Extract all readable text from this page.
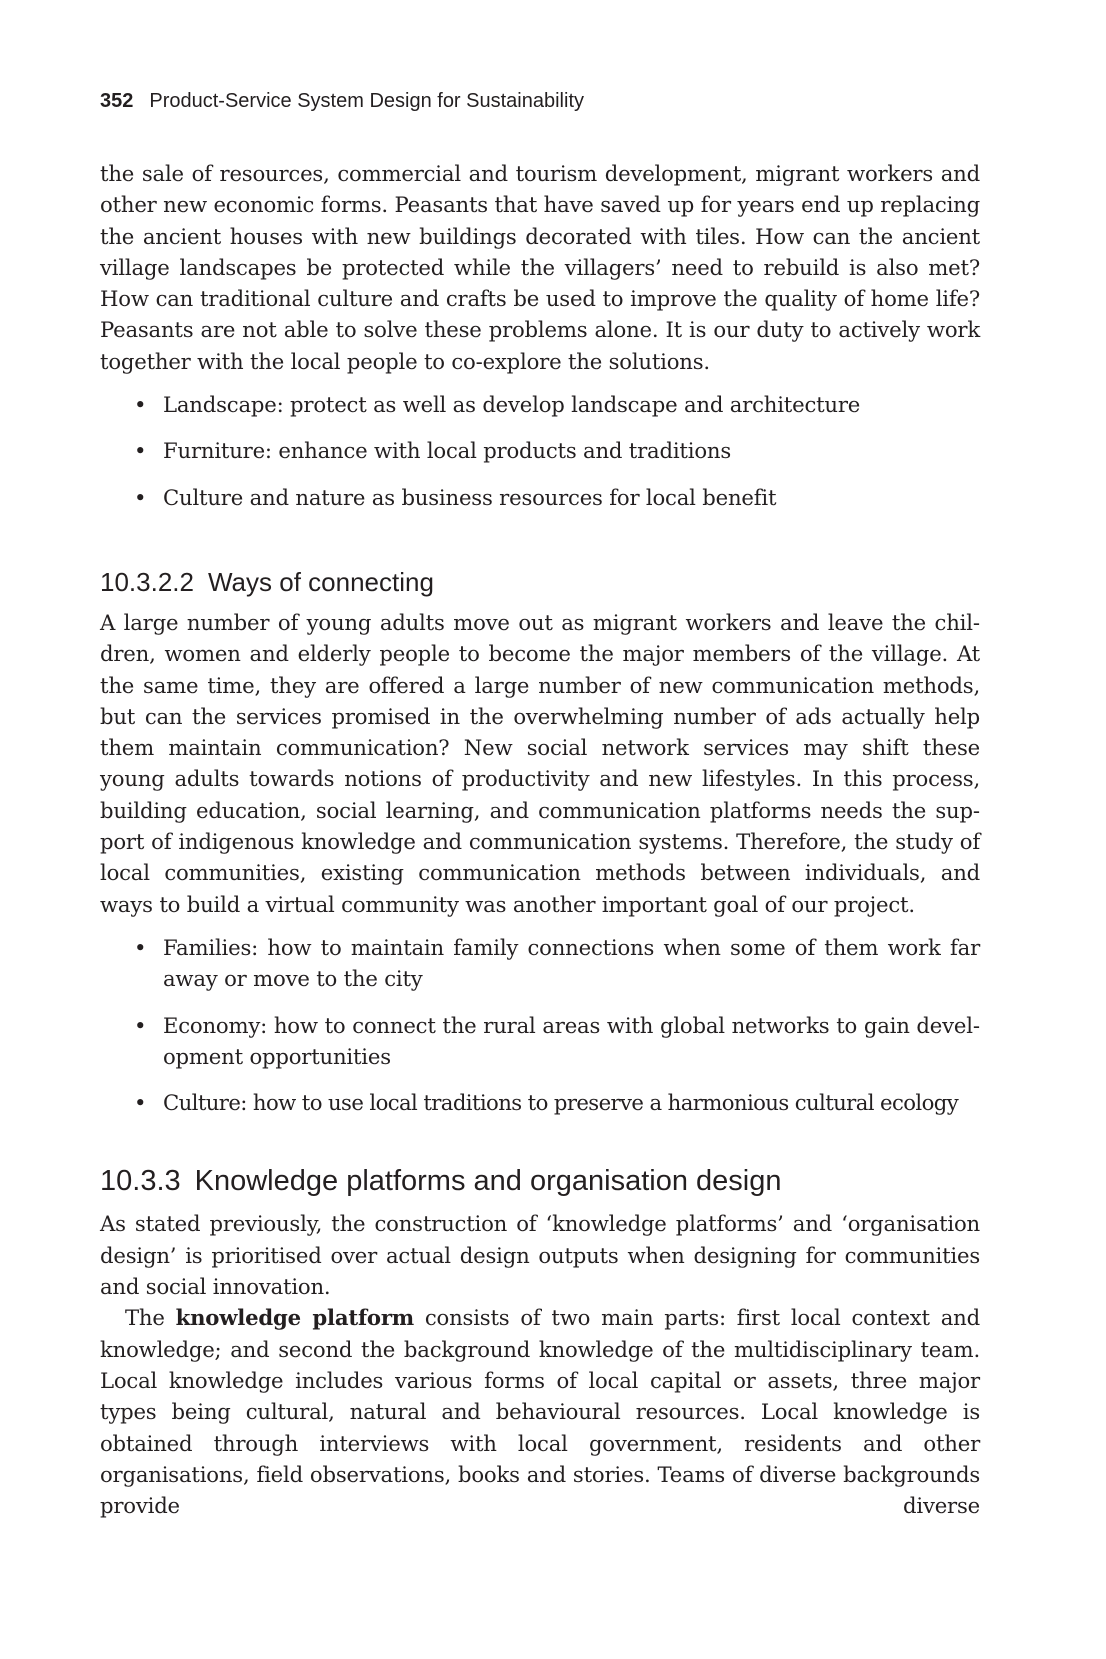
352 Product-Service System Design for Sustainability

the sale of resources, commercial and tourism development, migrant workers and other new economic forms. Peasants that have saved up for years end up replacing the ancient houses with new buildings decorated with tiles. How can the ancient village landscapes be protected while the villagers’ need to rebuild is also met? How can traditional culture and crafts be used to improve the quality of home life? Peasants are not able to solve these problems alone. It is our duty to actively work together with the local people to co-explore the solutions.

• Landscape: protect as well as develop landscape and architecture
• Furniture: enhance with local products and traditions
• Culture and nature as business resources for local benefit
10.3.2.2 Ways of connecting

A large number of young adults move out as migrant workers and leave the children, women and elderly people to become the major members of the village. At the same time, they are offered a large number of new communication methods, but can the services promised in the overwhelming number of ads actually help them maintain communication? New social network services may shift these young adults towards notions of productivity and new lifestyles. In this process, building education, social learning, and communication platforms needs the support of indigenous knowledge and communication systems. Therefore, the study of local communities, existing communication methods between individuals, and ways to build a virtual community was another important goal of our project.

• Families: how to maintain family connections when some of them work far away or move to the city
• Economy: how to connect the rural areas with global networks to gain development opportunities
• Culture: how to use local traditions to preserve a harmonious cultural ecology
10.3.3 Knowledge platforms and organisation design

As stated previously, the construction of ‘knowledge platforms’ and ‘organisation design’ is prioritised over actual design outputs when designing for communities and social innovation.

The knowledge platform consists of two main parts: first local context and knowledge; and second the background knowledge of the multidisciplinary team. Local knowledge includes various forms of local capital or assets, three major types being cultural, natural and behavioural resources. Local knowledge is obtained through interviews with local government, residents and other organisations, field observations, books and stories. Teams of diverse backgrounds provide diverse
